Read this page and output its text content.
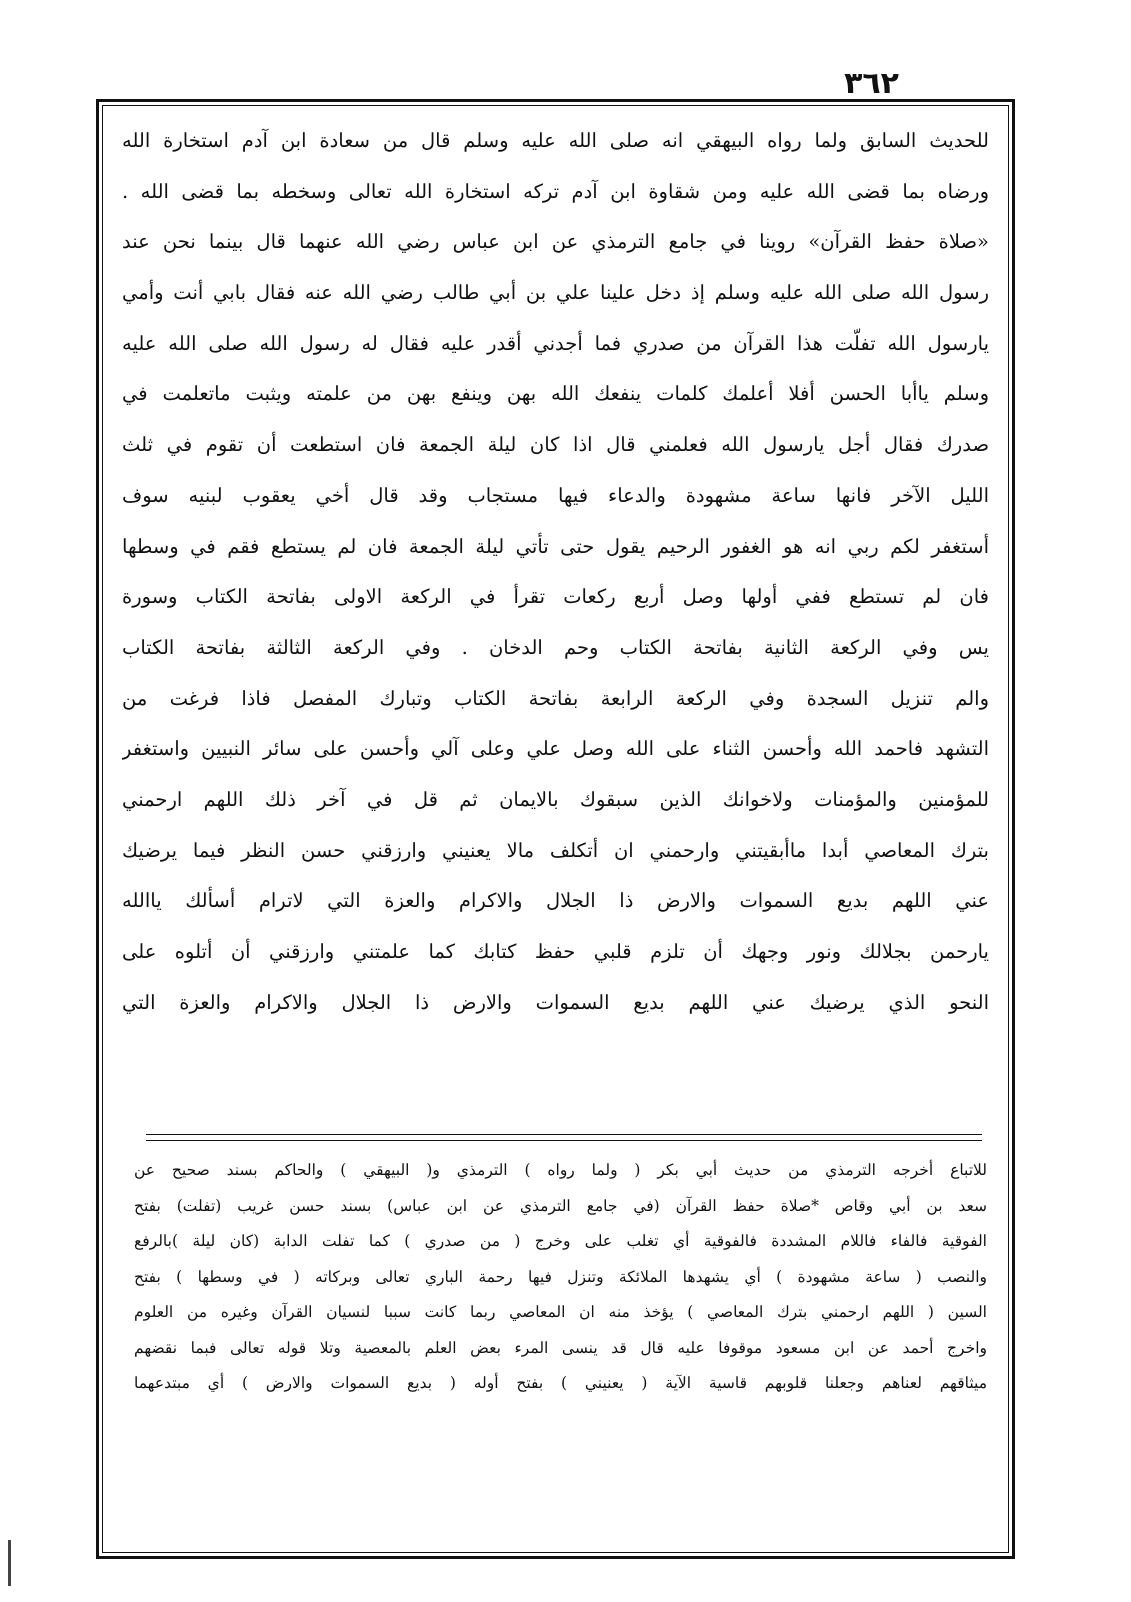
٣٦٢
للحديث السابق ولما رواه البيهقي انه صلى الله عليه وسلم قال من سعادة ابن آدم استخارة الله
ورضاه بما قضى الله عليه ومن شقاوة ابن آدم تركه استخارة الله تعالى وسخطه بما قضى الله .
«صلاة حفظ القرآن» روينا في جامع الترمذي عن ابن عباس رضي الله عنهما قال بينما نحن عند
رسول الله صلى الله عليه وسلم إذ دخل علينا علي بن أبي طالب رضي الله عنه فقال بابي أنت وأمي
يارسول الله تفلّت هذا القرآن من صدري فما أجدني أقدر عليه فقال له رسول الله صلى الله عليه
وسلم ياأبا الحسن أفلا أعلمك كلمات ينفعك الله بهن وينفع بهن من علمته ويثبت ماتعلمت في
صدرك فقال أجل يارسول الله فعلمني قال اذا كان ليلة الجمعة فان استطعت أن تقوم في ثلث
الليل الآخر فانها ساعة مشهودة والدعاء فيها مستجاب وقد قال أخي يعقوب لبنيه سوف
أستغفر لكم ربي انه هو الغفور الرحيم يقول حتى تأتي ليلة الجمعة فان لم يستطع فقم في وسطها
فان لم تستطع ففي أولها وصل أربع ركعات تقرأ في الركعة الاولى بفاتحة الكتاب وسورة
يس وفي الركعة الثانية بفاتحة الكتاب وحم الدخان . وفي الركعة الثالثة بفاتحة الكتاب
والم تنزيل السجدة وفي الركعة الرابعة بفاتحة الكتاب وتبارك المفصل فاذا فرغت من
التشهد فاحمد الله وأحسن الثناء على الله وصل علي وعلى آلي وأحسن على سائر النبيين واستغفر
للمؤمنين والمؤمنات ولاخوانك الذين سبقوك بالايمان ثم قل في آخر ذلك اللهم ارحمني
بترك المعاصي أبدا ماأبقيتني وارحمني ان أتكلف مالا يعنيني وارزقني حسن النظر فيما يرضيك
عني اللهم بديع السموات والارض ذا الجلال والاكرام والعزة التي لاترام أسألك ياالله
يارحمن بجلالك ونور وجهك أن تلزم قلبي حفظ كتابك كما علمتني وارزقني أن أتلوه على
النحو الذي يرضيك عني اللهم بديع السموات والارض ذا الجلال والاكرام والعزة التي
للاتباع أخرجه الترمذي من حديث أبي بكر ( ولما رواه ) الترمذي و( البيهقي ) والحاكم بسند صحيح عن
سعد بن أبي وقاص *صلاة حفظ القرآن (في جامع الترمذي عن ابن عباس) بسند حسن غريب (تفلت) بفتح
الفوقية فالفاء فاللام المشددة فالفوقية أي تغلب على وخرج ( من صدري ) كما تفلت الدابة (كان ليلة )بالرفع
والنصب ( ساعة مشهودة ) أي يشهدها الملائكة وتنزل فيها رحمة الباري تعالى وبركاته ( في وسطها ) بفتح
السين ( اللهم ارحمني بترك المعاصي ) يؤخذ منه ان المعاصي ربما كانت سببا لنسيان القرآن وغيره من العلوم
واخرج أحمد عن ابن مسعود موقوفا عليه قال قد ينسى المرء بعض العلم بالمعصية وتلا قوله تعالى فبما نقضهم
ميثاقهم لعناهم وجعلنا قلوبهم قاسية الآية ( يعنيني ) بفتح أوله ( بديع السموات والارض ) أي مبتدعهما
